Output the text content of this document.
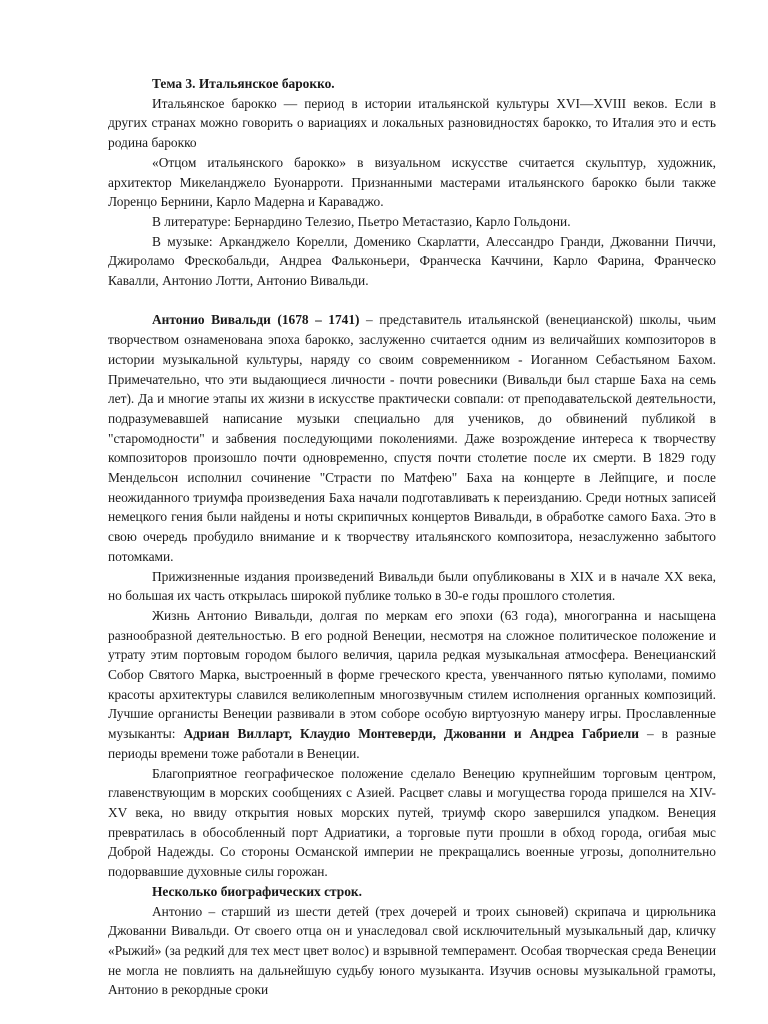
Тема 3. Итальянское барокко.

Итальянское барокко — период в истории итальянской культуры XVI—XVIII веков. Если в других странах можно говорить о вариациях и локальных разновидностях барокко, то Италия это и есть родина барокко

«Отцом итальянского барокко» в визуальном искусстве считается скульптур, художник, архитектор Микеланджело Буонарроти. Признанными мастерами итальянского барокко были также Лоренцо Бернини, Карло Мадерна и Караваджо.

В литературе: Бернардино Телезио, Пьетро Метастазио, Карло Гольдони.

В музыке: Арканджело Корелли, Доменико Скарлатти, Алессандро Гранди, Джованни Пиччи, Джироламо Фрескобальди, Андреа Фальконьери, Франческа Каччини, Карло Фарина, Франческо Кавалли, Антонио Лотти, Антонио Вивальди.

Антонио Вивальди (1678 – 1741) – представитель итальянской (венецианской) школы, чьим творчеством ознаменована эпоха барокко, заслуженно считается одним из величайших композиторов в истории музыкальной культуры, наряду со своим современником - Иоганном Себастьяном Бахом. Примечательно, что эти выдающиеся личности - почти ровесники (Вивальди был старше Баха на семь лет). Да и многие этапы их жизни в искусстве практически совпали: от преподавательской деятельности, подразумевавшей написание музыки специально для учеников, до обвинений публикой в "старомодности" и забвения последующими поколениями. Даже возрождение интереса к творчеству композиторов произошло почти одновременно, спустя почти столетие после их смерти. В 1829 году Мендельсон исполнил сочинение "Страсти по Матфею" Баха на концерте в Лейпциге, и после неожиданного триумфа произведения Баха начали подготавливать к переизданию. Среди нотных записей немецкого гения были найдены и ноты скрипичных концертов Вивальди, в обработке самого Баха. Это в свою очередь пробудило внимание и к творчеству итальянского композитора, незаслуженно забытого потомками.

Прижизненные издания произведений Вивальди были опубликованы в XIX и в начале XX века, но большая их часть открылась широкой публике только в 30-е годы прошлого столетия.

Жизнь Антонио Вивальди, долгая по меркам его эпохи (63 года), многогранна и насыщена разнообразной деятельностью. В его родной Венеции, несмотря на сложное политическое положение и утрату этим портовым городом былого величия, царила редкая музыкальная атмосфера. Венецианский Собор Святого Марка, выстроенный в форме греческого креста, увенчанного пятью куполами, помимо красоты архитектуры славился великолепным многозвучным стилем исполнения органных композиций. Лучшие органисты Венеции развивали в этом соборе особую виртуозную манеру игры. Прославленные музыканты: Адриан Вилларт, Клаудио Монтеверди, Джованни и Андреа Габриели – в разные периоды времени тоже работали в Венеции.

Благоприятное географическое положение сделало Венецию крупнейшим торговым центром, главенствующим в морских сообщениях с Азией. Расцвет славы и могущества города пришелся на XIV-XV века, но ввиду открытия новых морских путей, триумф скоро завершился упадком. Венеция превратилась в обособленный порт Адриатики, а торговые пути прошли в обход города, огибая мыс Доброй Надежды. Со стороны Османской империи не прекращались военные угрозы, дополнительно подорвавшие духовные силы горожан.

Несколько биографических строк.

Антонио – старший из шести детей (трех дочерей и троих сыновей) скрипача и цирюльника Джованни Вивальди. От своего отца он и унаследовал свой исключительный музыкальный дар, кличку «Рыжий» (за редкий для тех мест цвет волос) и взрывной темперамент. Особая творческая среда Венеции не могла не повлиять на дальнейшую судьбу юного музыканта. Изучив основы музыкальной грамоты, Антонио в рекордные сроки
